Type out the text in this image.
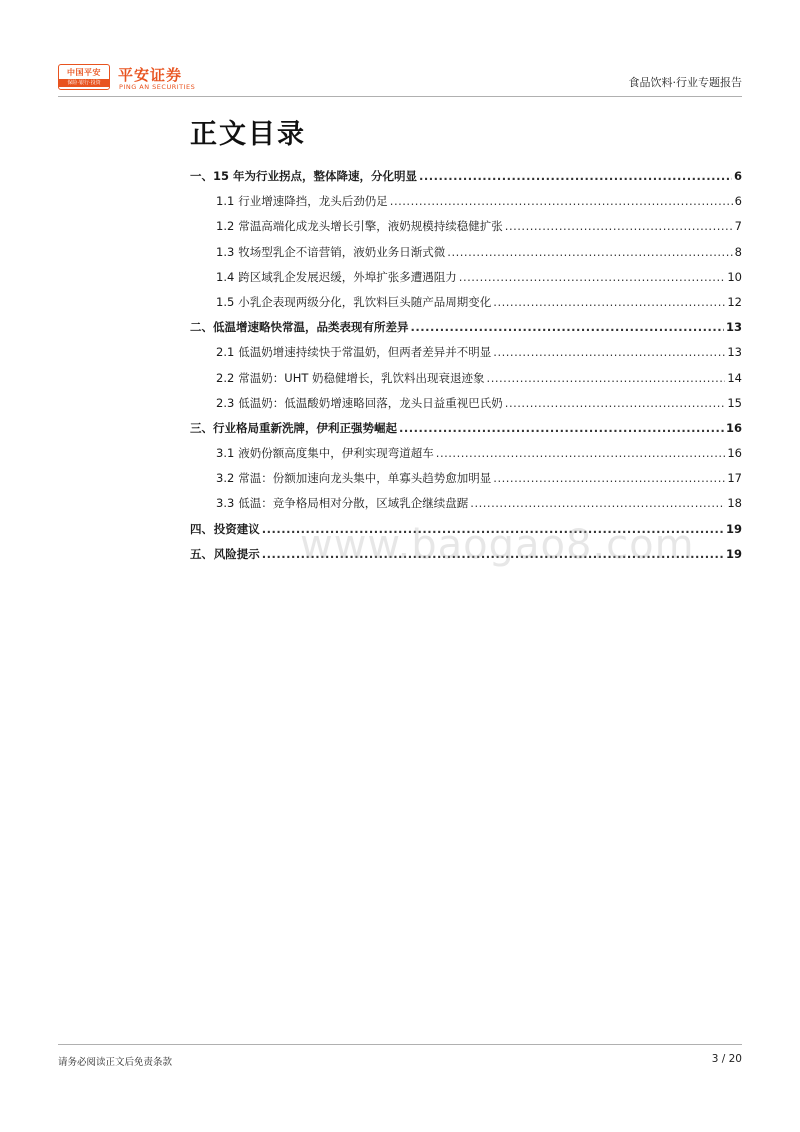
中国平安
保险·银行·投资	平安证券
PING AN SECURITIES	食品饮料·行业专题报告
正文目录
一、 15 年为行业拐点，整体降速，分化明显 .....	6
1.1 行业增速降挡，龙头后劲仍足 .....	6
1.2 常温高端化成龙头增长引擎，液奶规模持续稳健扩张 .....	7
1.3 牧场型乳企不谙营销，液奶业务日渐式微 .....	8
1.4 跨区域乳企发展迟缓，外埠扩张多遭遇阻力 .....	10
1.5 小乳企表现两级分化，乳饮料巨头随产品周期变化 .....	12
二、 低温增速略快常温，品类表现有所差异 .....	13
2.1 低温奶增速持续快于常温奶，但两者差异并不明显 .....	13
2.2 常温奶：UHT 奶稳健增长，乳饮料出现衰退迹象 .....	14
2.3 低温奶：低温酸奶增速略回落，龙头日益重视巴氏奶 .....	15
三、 行业格局重新洗牌，伊利正强势崛起 .....	16
3.1 液奶份额高度集中，伊利实现弯道超车 .....	16
3.2 常温：份额加速向龙头集中，单寡头趋势愈加明显 .....	17
3.3 低温：竞争格局相对分散，区域乳企继续盘踞 .....	18
四、 投资建议 .....	19
五、 风险提示 .....	19
www.baogao8.com
请务必阅读正文后免责条款	3 / 20
